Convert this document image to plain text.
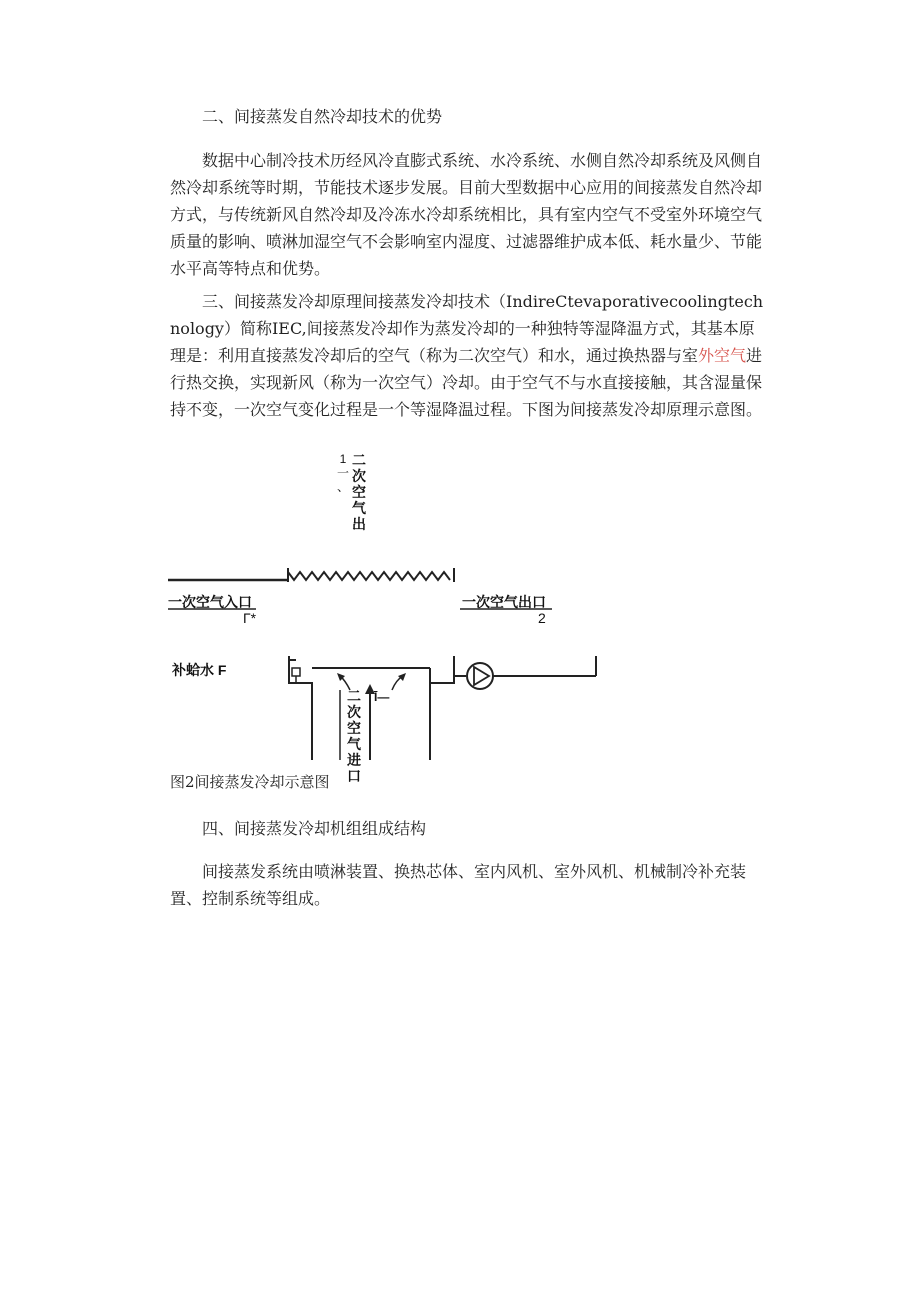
二、间接蒸发自然冷却技术的优势

数据中心制冷技术历经风冷直膨式系统、水冷系统、水侧自然冷却系统及风侧自然冷却系统等时期，节能技术逐步发展。目前大型数据中心应用的间接蒸发自然冷却方式，与传统新风自然冷却及冷冻水冷却系统相比，具有室内空气不受室外环境空气质量的影响、喷淋加湿空气不会影响室内湿度、过滤器维护成本低、耗水量少、节能水平高等特点和优势。

三、间接蒸发冷却原理间接蒸发冷却技术（IndireCtevaporativecoolingtechnology）简称IEC,间接蒸发冷却作为蒸发冷却的一种独特等湿降温方式，其基本原理是：利用直接蒸发冷却后的空气（称为二次空气）和水，通过换热器与室外空气进行热交换，实现新风（称为一次空气）冷却。由于空气不与水直接接触，其含湿量保持不变，一次空气变化过程是一个等湿降温过程。下图为间接蒸发冷却原理示意图。

1
一
、
二次空气出
一次空气入口
Г*
一次空气出口
2
补蛤水 F
二次空气进口
Ī—

图2间接蒸发冷却示意图

四、间接蒸发冷却机组组成结构

间接蒸发系统由喷淋装置、换热芯体、室内风机、室外风机、机械制冷补充装置、控制系统等组成。
